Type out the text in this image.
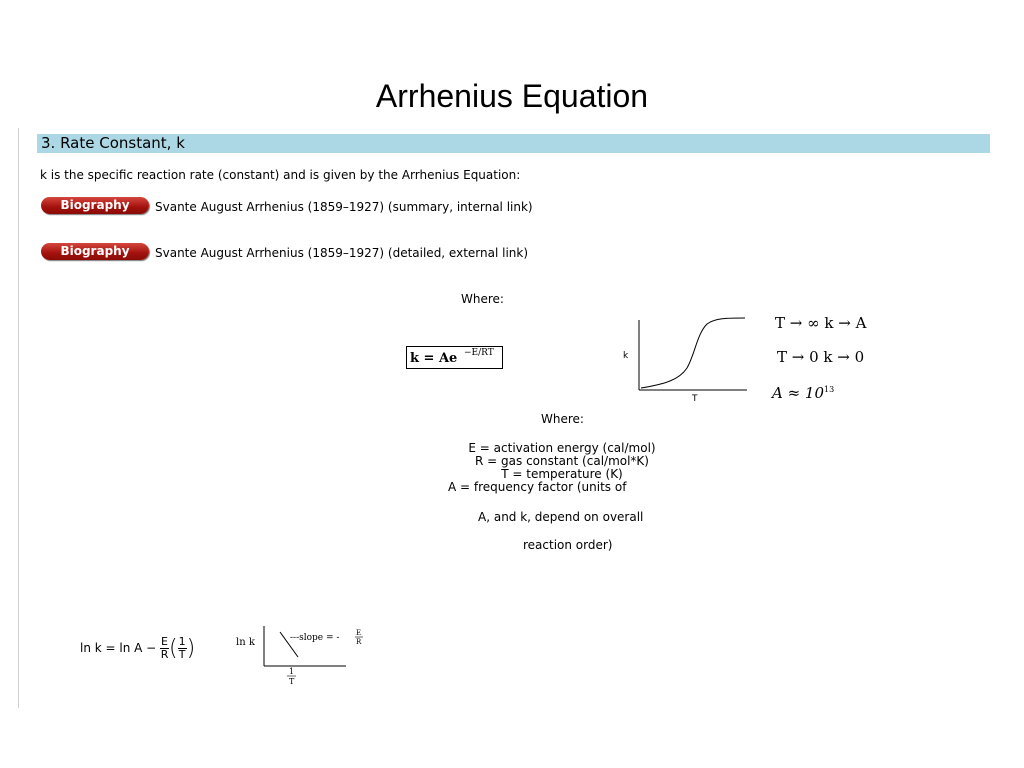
Arrhenius Equation
3. Rate Constant, k
k is the specific reaction rate (constant) and is given by the Arrhenius Equation:
Biography	Svante August Arrhenius (1859–1927) (summary, internal link)
Biography	Svante August Arrhenius (1859–1927) (detailed, external link)
Where:
k = Ae −E/RT	k
T
T → ∞ k → A
T → 0 k → 0
$A \approx 10^{13}$
Where:
E = activation energy (cal/mol)
R = gas constant (cal/mol*K)
T = temperature (K)
A = frequency factor (units of
A, and k, depend on overall
reaction order)
$\ln k = \ln A - \frac{E}{R}$ ( $\frac{1}{T}$ )	ln k	---slope = - E
R
1
T
